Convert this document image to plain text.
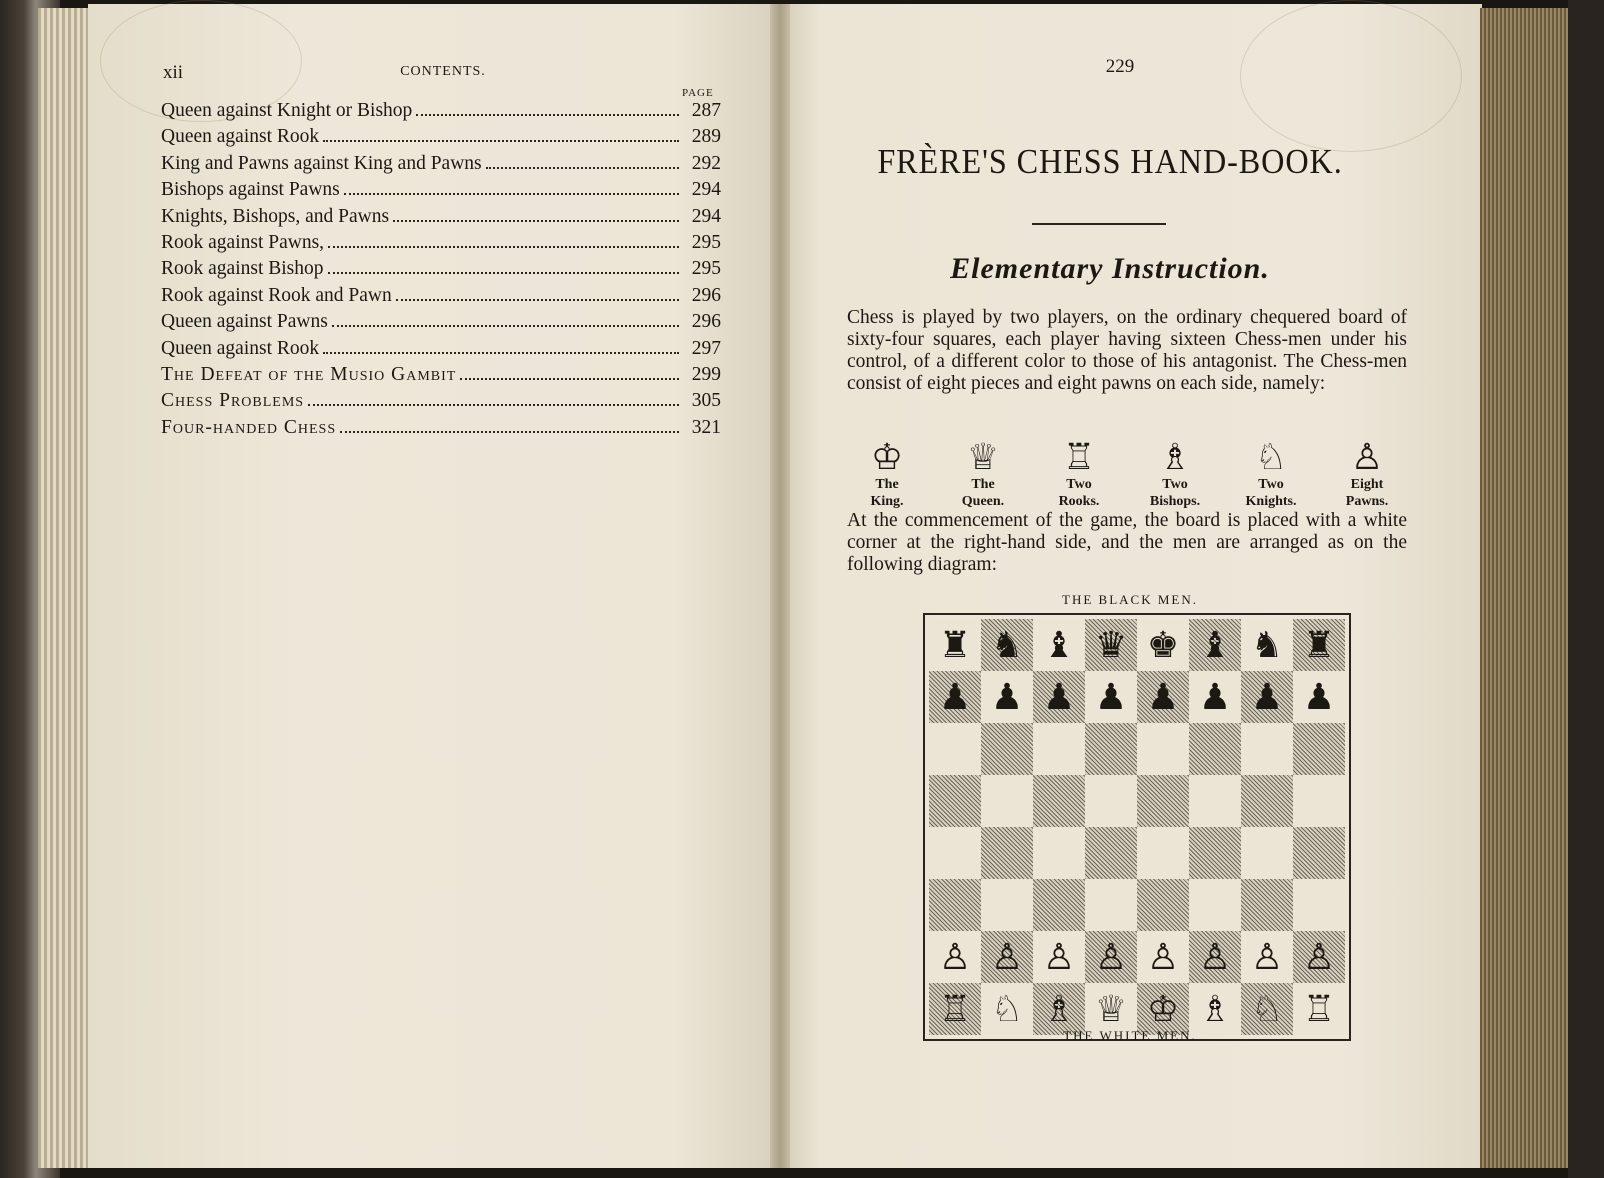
xii	CONTENTS.
PAGE
Queen against Knight or Bishop	287
Queen against Rook	289
King and Pawns against King and Pawns	292
Bishops against Pawns	294
Knights, Bishops, and Pawns	294
Rook against Pawns,	295
Rook against Bishop	295
Rook against Rook and Pawn	296
Queen against Pawns	296
Queen against Rook	297
The Defeat of the Musio Gambit	299
Chess Problems	305
Four-handed Chess	321
229
FRÈRE'S CHESS HAND-BOOK.
Elementary Instruction.
Chess is played by two players, on the ordinary chequered board of sixty-four squares, each player having sixteen Chess-men under his control, of a different color to those of his antagonist. The Chess-men consist of eight pieces and eight pawns on each side, namely:
♔
The
King.
♕
The
Queen.
♖
Two
Rooks.
♗
Two
Bishops.
♘
Two
Knights.
♙
Eight
Pawns.
At the commencement of the game, the board is placed with a white corner at the right-hand side, and the men are arranged as on the following diagram:
THE BLACK MEN.
♜ ♞ ♝ ♛ ♚ ♝ ♞ ♜
♟ ♟ ♟ ♟ ♟ ♟ ♟ ♟
♙ ♙ ♙ ♙ ♙ ♙ ♙ ♙
♖ ♘ ♗ ♕ ♔ ♗ ♘ ♖
THE WHITE MEN.
